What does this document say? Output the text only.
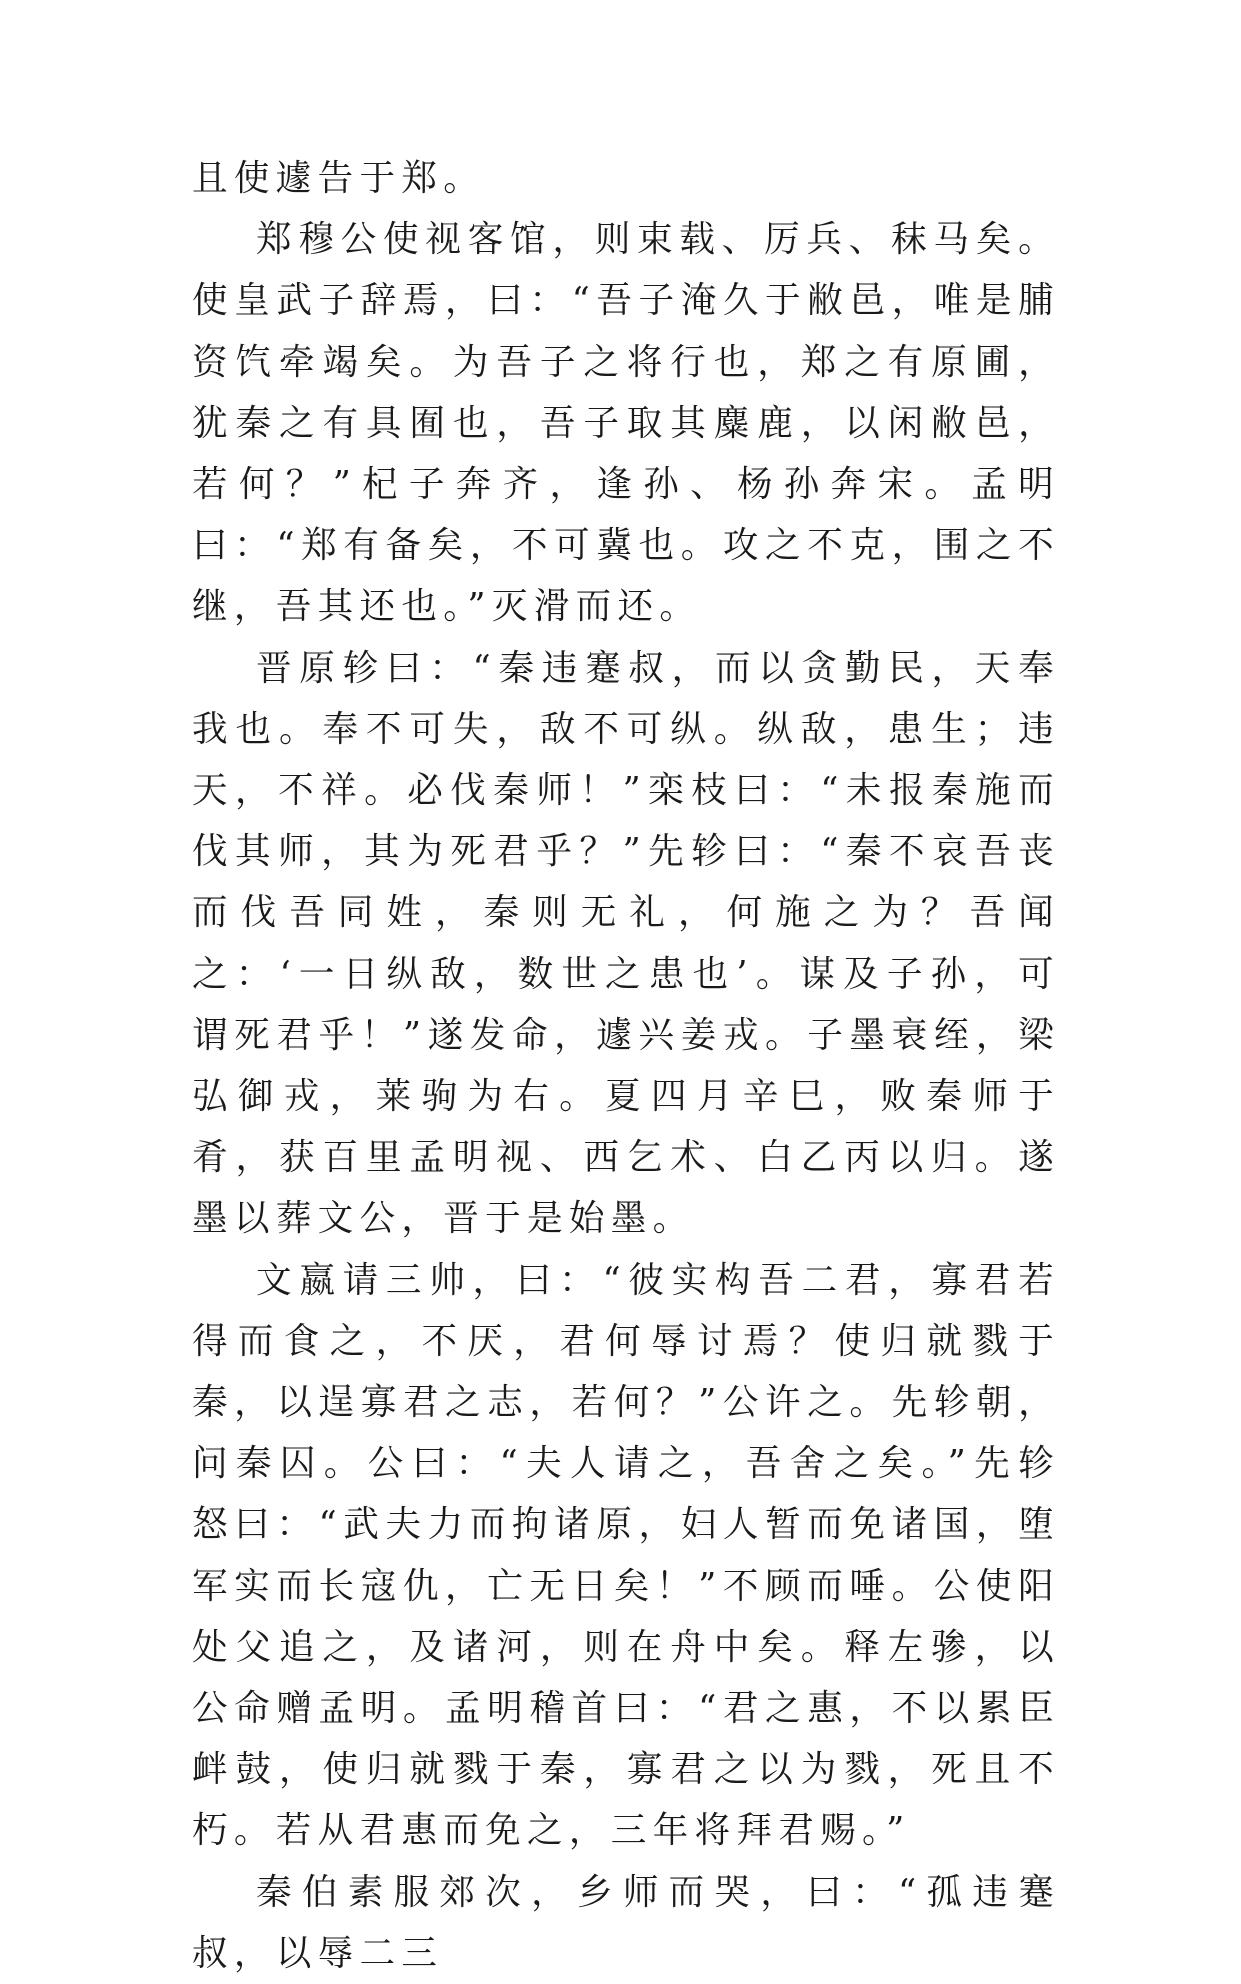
且使遽告于郑。

郑穆公使视客馆，则束载、厉兵、秣马矣。使皇武子辞焉，曰：“吾子淹久于敝邑，唯是脯资饩牵竭矣。为吾子之将行也，郑之有原圃，犹秦之有具囿也，吾子取其麋鹿，以闲敝邑，若何？”杞子奔齐，逢孙、杨孙奔宋。孟明曰：“郑有备矣，不可冀也。攻之不克，围之不继，吾其还也。”灭滑而还。

晋原轸曰：“秦违蹇叔，而以贪勤民，天奉我也。奉不可失，敌不可纵。纵敌，患生；违天，不祥。必伐秦师！”栾枝曰：“未报秦施而伐其师，其为死君乎？”先轸曰：“秦不哀吾丧而伐吾同姓，秦则无礼，何施之为？吾闻之：‘一日纵敌，数世之患也’。谋及子孙，可谓死君乎！”遂发命，遽兴姜戎。子墨衰绖，梁弘御戎，莱驹为右。夏四月辛巳，败秦师于肴，获百里孟明视、西乞术、白乙丙以归。遂墨以葬文公，晋于是始墨。

文嬴请三帅，曰：“彼实构吾二君，寡君若得而食之，不厌，君何辱讨焉？使归就戮于秦，以逞寡君之志，若何？”公许之。先轸朝，问秦囚。公曰：“夫人请之，吾舍之矣。”先轸怒曰：“武夫力而拘诸原，妇人暂而免诸国，堕军实而长寇仇，亡无日矣！”不顾而唾。公使阳处父追之，及诸河，则在舟中矣。释左骖，以公命赠孟明。孟明稽首曰：“君之惠，不以累臣衅鼓，使归就戮于秦，寡君之以为戮，死且不朽。若从君惠而免之，三年将拜君赐。”

秦伯素服郊次，乡师而哭，曰：“孤违蹇叔，以辱二三
